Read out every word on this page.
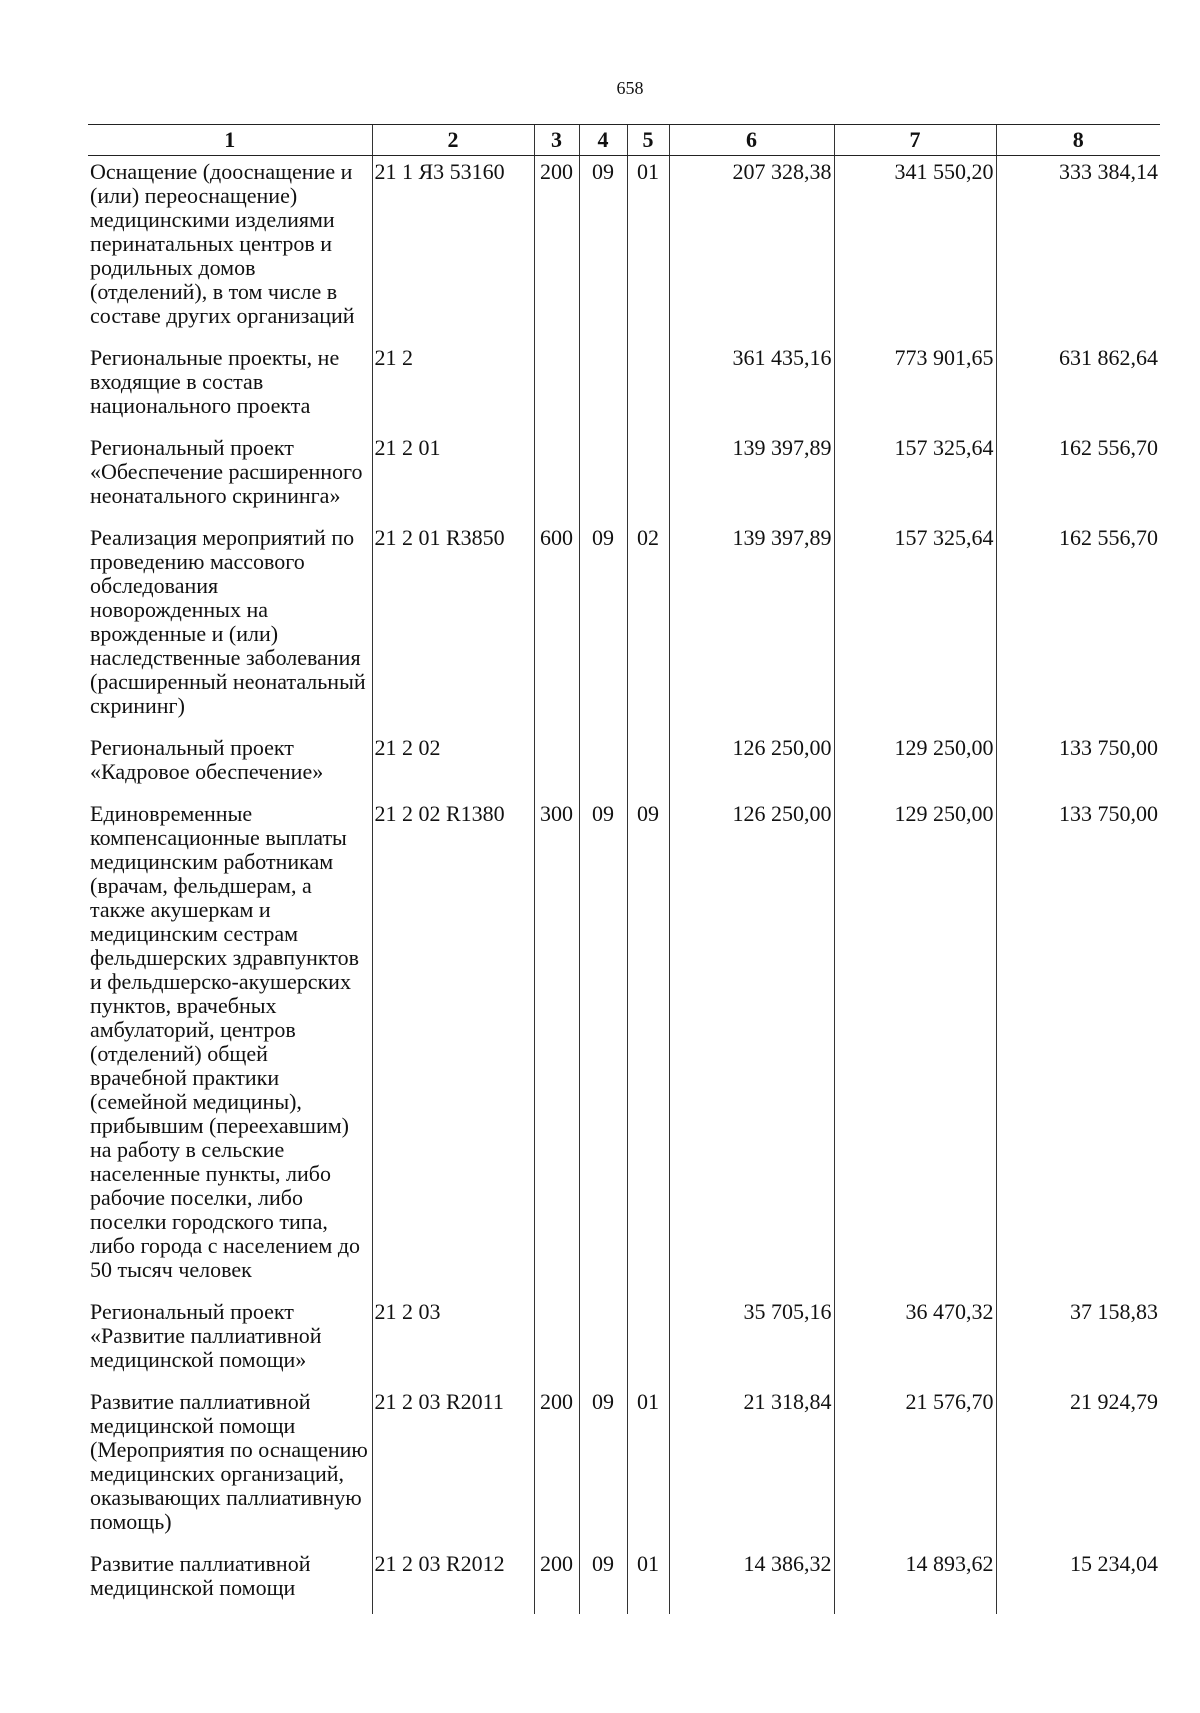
658
1	2	3	4	5	6	7	8
Оснащение (дооснащение и (или) переоснащение) медицинскими изделиями перинатальных центров и родильных домов (отделений), в том числе в составе других организаций	21 1 Я3 53160	200	09	01	207 328,38	341 550,20	333 384,14
Региональные проекты, не входящие в состав национального проекта	21 2				361 435,16	773 901,65	631 862,64
Региональный проект «Обеспечение расширенного неонатального скрининга»	21 2 01				139 397,89	157 325,64	162 556,70
Реализация мероприятий по проведению массового обследования новорожденных на врожденные и (или) наследственные заболевания (расширенный неонатальный скрининг)	21 2 01 R3850	600	09	02	139 397,89	157 325,64	162 556,70
Региональный проект «Кадровое обеспечение»	21 2 02				126 250,00	129 250,00	133 750,00
Единовременные компенсационные выплаты медицинским работникам (врачам, фельдшерам, а также акушеркам и медицинским сестрам фельдшерских здравпунктов и фельдшерско-акушерских пунктов, врачебных амбулаторий, центров (отделений) общей врачебной практики (семейной медицины), прибывшим (переехавшим) на работу в сельские населенные пункты, либо рабочие поселки, либо поселки городского типа, либо города с населением до 50 тысяч человек	21 2 02 R1380	300	09	09	126 250,00	129 250,00	133 750,00
Региональный проект «Развитие паллиативной медицинской помощи»	21 2 03				35 705,16	36 470,32	37 158,83
Развитие паллиативной медицинской помощи (Мероприятия по оснащению медицинских организаций, оказывающих паллиативную помощь)	21 2 03 R2011	200	09	01	21 318,84	21 576,70	21 924,79
Развитие паллиативной медицинской помощи	21 2 03 R2012	200	09	01	14 386,32	14 893,62	15 234,04
